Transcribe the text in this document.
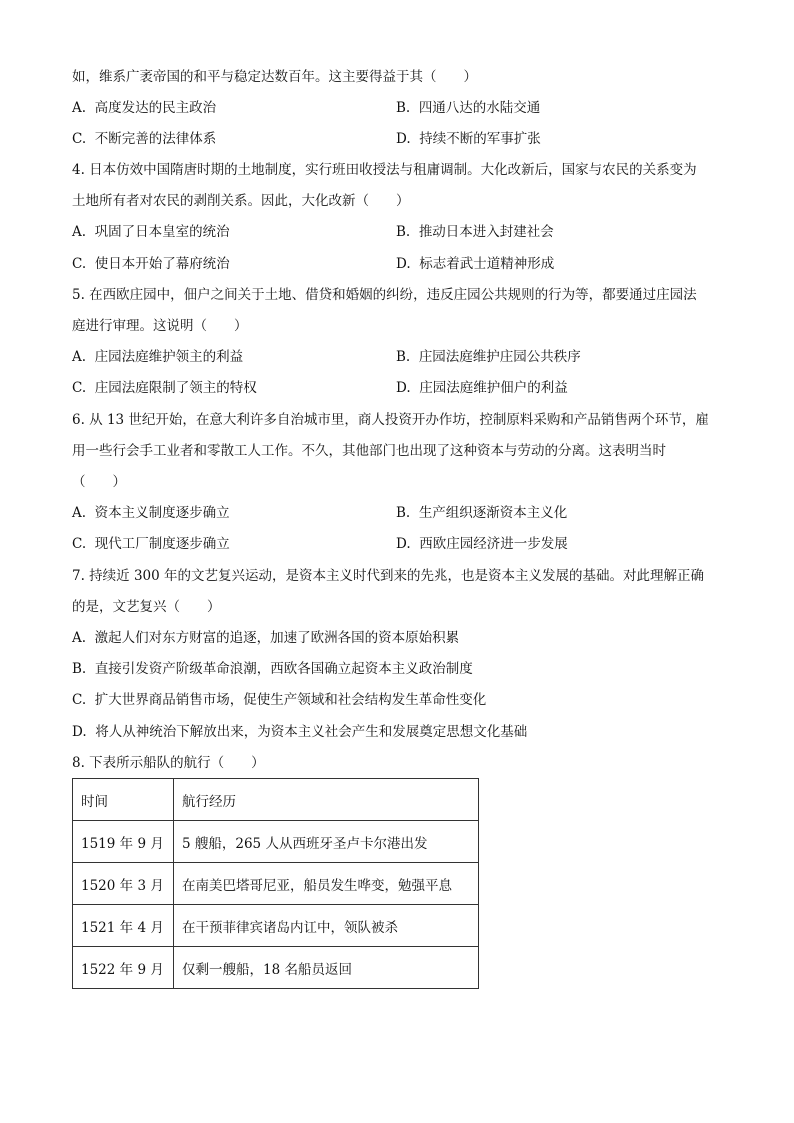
如，维系广袤帝国的和平与稳定达数百年。这主要得益于其（　　）
A. 高度发达的民主政治	B. 四通八达的水陆交通
C. 不断完善的法律体系	D. 持续不断的军事扩张
4. 日本仿效中国隋唐时期的土地制度，实行班田收授法与租庸调制。大化改新后，国家与农民的关系变为
土地所有者对农民的剥削关系。因此，大化改新（　　）
A. 巩固了日本皇室的统治	B. 推动日本进入封建社会
C. 使日本开始了幕府统治	D. 标志着武士道精神形成
5. 在西欧庄园中，佃户之间关于土地、借贷和婚姻的纠纷，违反庄园公共规则的行为等，都要通过庄园法
庭进行审理。这说明（　　）
A. 庄园法庭维护领主的利益	B. 庄园法庭维护庄园公共秩序
C. 庄园法庭限制了领主的特权	D. 庄园法庭维护佃户的利益
6. 从 13 世纪开始，在意大利许多自治城市里，商人投资开办作坊，控制原料采购和产品销售两个环节，雇
用一些行会手工业者和零散工人工作。不久，其他部门也出现了这种资本与劳动的分离。这表明当时
（　　）
A. 资本主义制度逐步确立	B. 生产组织逐渐资本主义化
C. 现代工厂制度逐步确立	D. 西欧庄园经济进一步发展
7. 持续近 300 年的文艺复兴运动，是资本主义时代到来的先兆，也是资本主义发展的基础。对此理解正确
的是，文艺复兴（　　）
A. 激起人们对东方财富的追逐，加速了欧洲各国的资本原始积累
B. 直接引发资产阶级革命浪潮，西欧各国确立起资本主义政治制度
C. 扩大世界商品销售市场，促使生产领域和社会结构发生革命性变化
D. 将人从神统治下解放出来，为资本主义社会产生和发展奠定思想文化基础
8. 下表所示船队的航行（　　）
时间	航行经历
1519 年 9 月	5 艘船，265 人从西班牙圣卢卡尔港出发
1520 年 3 月	在南美巴塔哥尼亚，船员发生哗变，勉强平息
1521 年 4 月	在干预菲律宾诸岛内讧中，领队被杀
1522 年 9 月	仅剩一艘船，18 名船员返回
